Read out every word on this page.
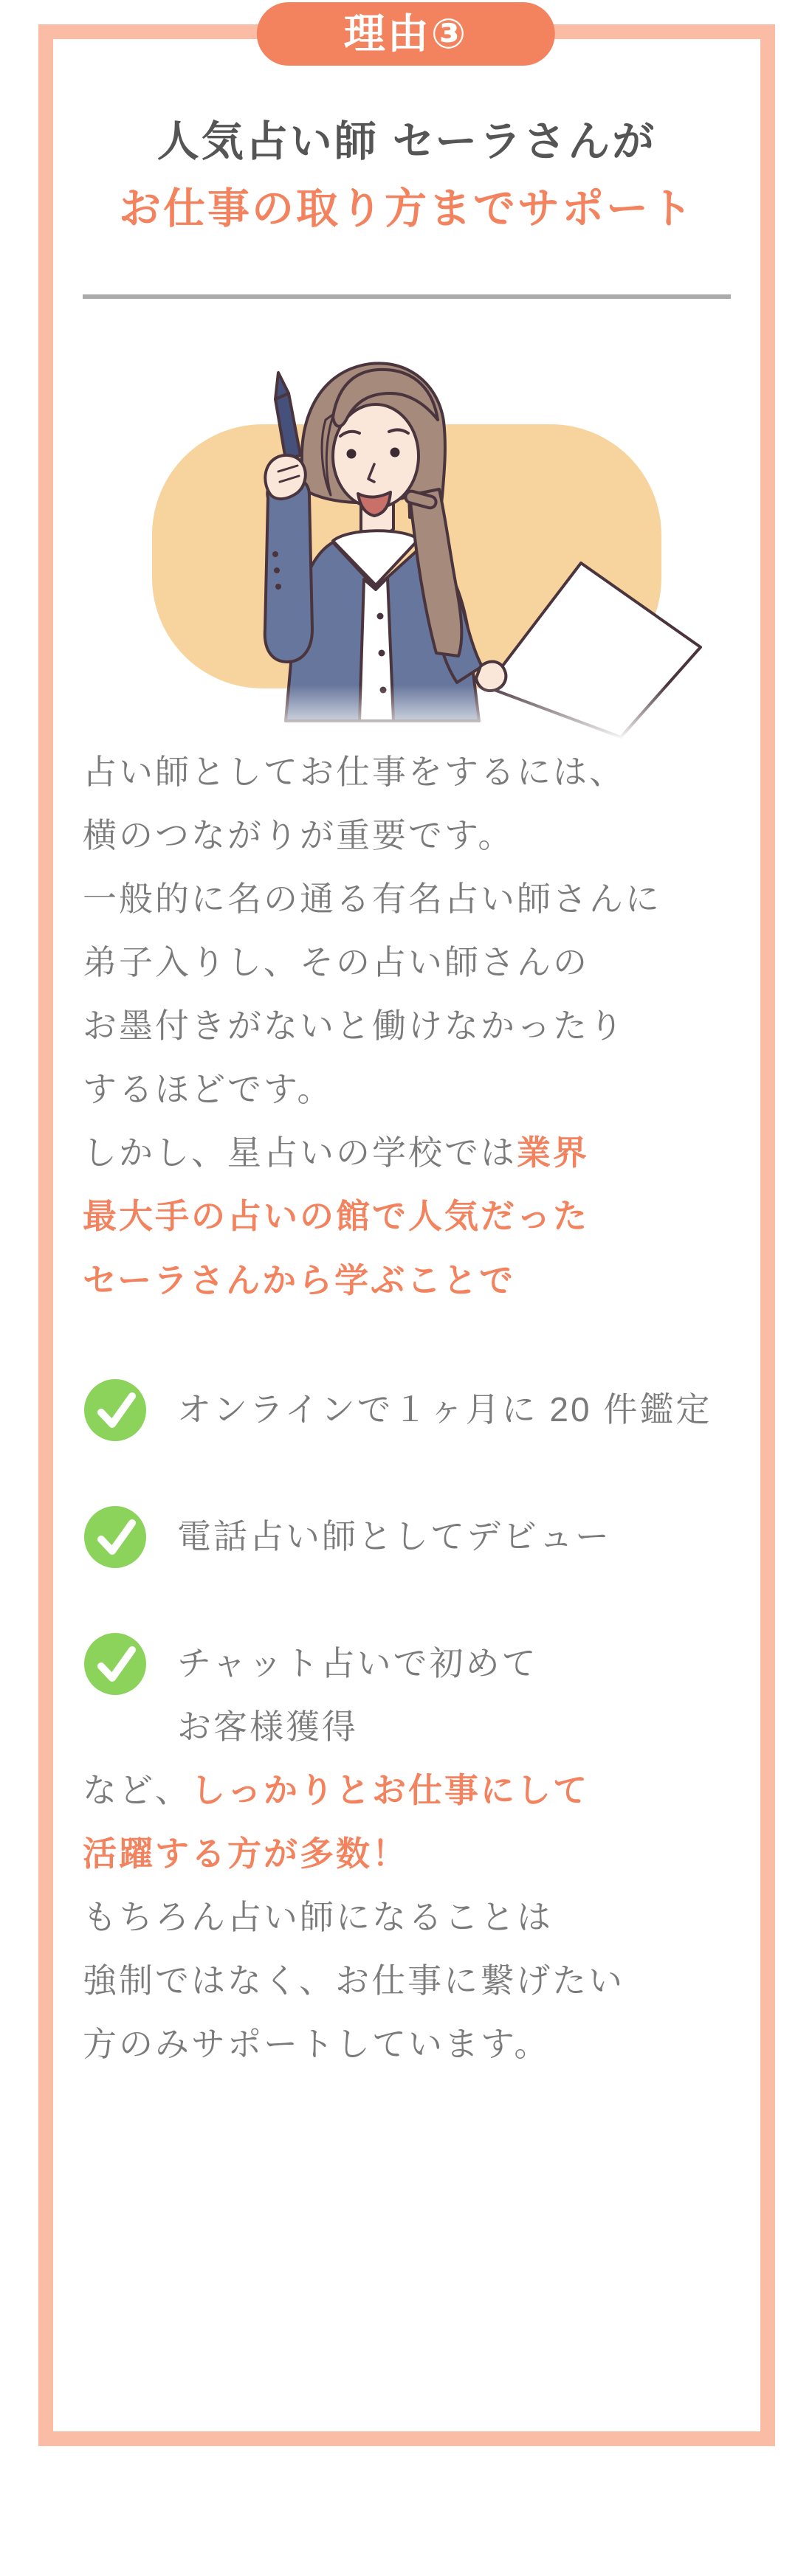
理由③
人気占い師 セーラさんが
お仕事の取り方までサポート

占い師としてお仕事をするには、
横のつながりが重要です。

一般的に名の通る有名占い師さんに
弟子入りし、その占い師さんの
お墨付きがないと働けなかったり
するほどです。

しかし、星占いの学校では業界
最大手の占いの館で人気だった
セーラさんから学ぶことで

オンラインで１ヶ月に 20 件鑑定
電話占い師としてデビュー
チャット占いで初めて
お客様獲得

など、しっかりとお仕事にして
活躍する方が多数！

もちろん占い師になることは
強制ではなく、お仕事に繋げたい
方のみサポートしています。
